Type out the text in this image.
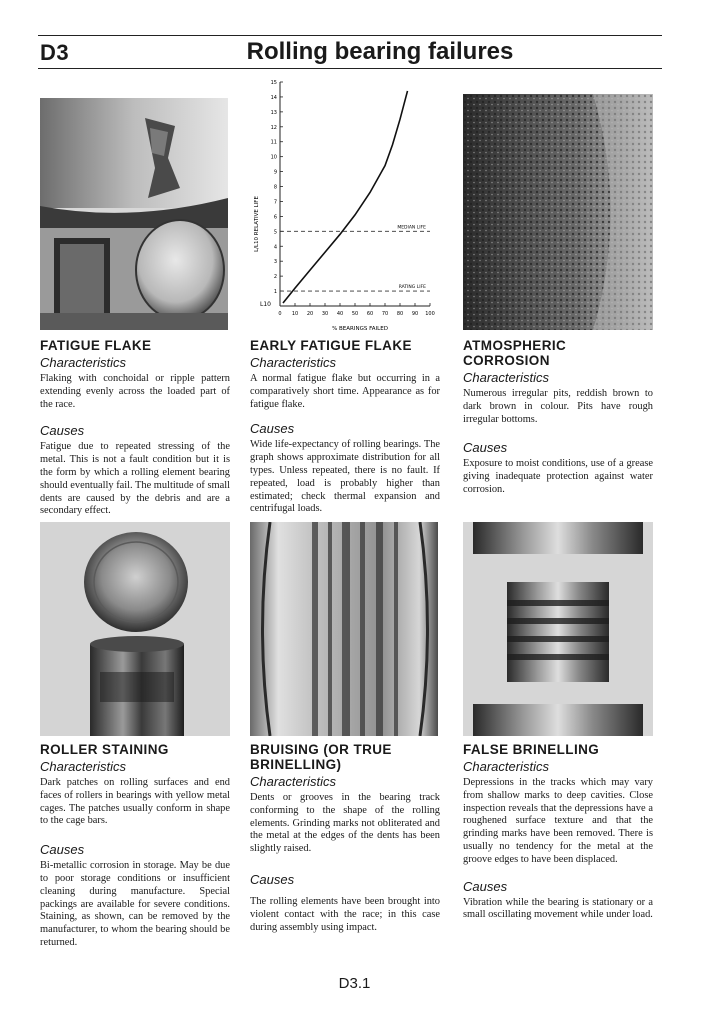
D3	Rolling bearing failures
L/L10 RELATIVE LIFE
% BEARINGS FAILED
L10
1
2
3
4
5
6
7
8
9
10
11
12
13
14
15
0 10 20 30 40 50 60 70 80 90 100
MEDIAN LIFE
RATING LIFE

FATIGUE FLAKE

Characteristics

Flaking with conchoidal or ripple pattern extending evenly across the loaded part of the race.

Causes

Fatigue due to repeated stressing of the metal. This is not a fault condition but it is the form by which a rolling element bearing should eventually fail. The multitude of small dents are caused by the debris and are a secondary effect.

EARLY FATIGUE FLAKE

Characteristics

A normal fatigue flake but occurring in a comparatively short time. Appearance as for fatigue flake.

Causes

Wide life-expectancy of rolling bearings. The graph shows approximate distribution for all types. Unless repeated, there is no fault. If repeated, load is probably higher than estimated; check thermal expansion and centrifugal loads.

ATMOSPHERIC CORROSION

Characteristics

Numerous irregular pits, reddish brown to dark brown in colour. Pits have rough irregular bottoms.

Causes

Exposure to moist conditions, use of a grease giving inadequate protection against water corrosion.

ROLLER STAINING

Characteristics

Dark patches on rolling surfaces and end faces of rollers in bearings with yellow metal cages. The patches usually conform in shape to the cage bars.

Causes

Bi-metallic corrosion in storage. May be due to poor storage conditions or insufficient cleaning during manufacture. Special packings are available for severe conditions. Staining, as shown, can be removed by the manufacturer, to whom the bearing should be returned.

BRUISING (OR TRUE BRINELLING)

Characteristics

Dents or grooves in the bearing track conforming to the shape of the rolling elements. Grinding marks not obliterated and the metal at the edges of the dents has been slightly raised.

Causes

The rolling elements have been brought into violent contact with the race; in this case during assembly using impact.

FALSE BRINELLING

Characteristics

Depressions in the tracks which may vary from shallow marks to deep cavities. Close inspection reveals that the depressions have a roughened surface texture and that the grinding marks have been removed. There is usually no tendency for the metal at the groove edges to have been displaced.

Causes

Vibration while the bearing is stationary or a small oscillating movement while under load.

D3.1
